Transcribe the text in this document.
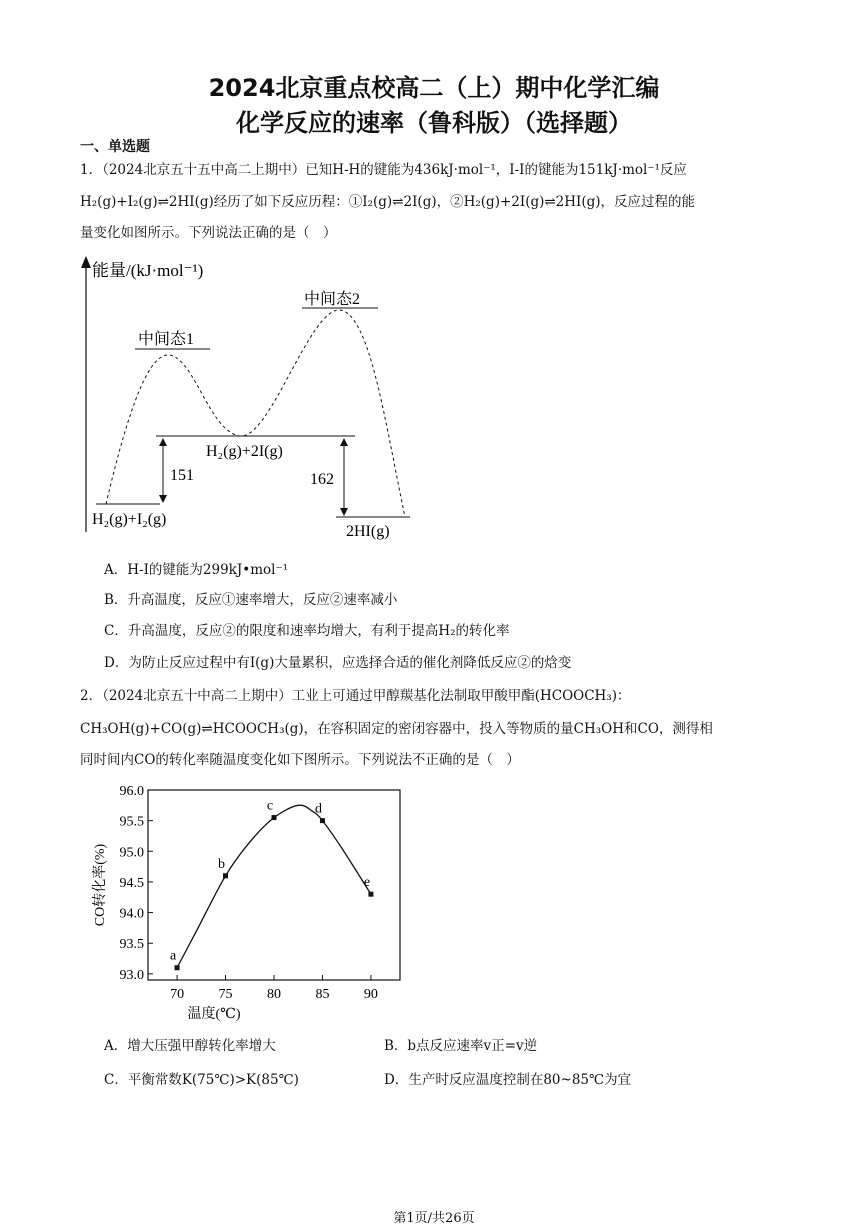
2024北京重点校高二（上）期中化学汇编
化学反应的速率（鲁科版）（选择题）
一、单选题
1．（2024北京五十五中高二上期中）已知H-H的键能为436kJ·mol⁻¹，I-I的键能为151kJ·mol⁻¹反应
H₂(g)+I₂(g)⇌2HI(g)经历了如下反应历程：①I₂(g)⇌2I(g)，②H₂(g)+2I(g)⇌2HI(g)，反应过程的能
量变化如图所示。下列说法正确的是（　）
能量/(kJ·mol⁻¹)
中间态1
中间态2
H₂(g)+2I(g)
H₂(g)+I₂(g)
2HI(g)
151	162
A．H-I的键能为299kJ•mol⁻¹
B．升高温度，反应①速率增大，反应②速率减小
C．升高温度，反应②的限度和速率均增大，有利于提高H₂的转化率
D．为防止反应过程中有I(g)大量累积，应选择合适的催化剂降低反应②的焓变
2．（2024北京五十中高二上期中）工业上可通过甲醇羰基化法制取甲酸甲酯(HCOOCH₃)：
CH₃OH(g)+CO(g)⇌HCOOCH₃(g)，在容积固定的密闭容器中，投入等物质的量CH₃OH和CO，测得相
同时间内CO的转化率随温度变化如下图所示。下列说法不正确的是（　）
70 75 80 85 90
93.0
93.5
94.0
94.5
95.0
95.5
96.0
温度(℃)
CO转化率(%)
a
b
c	d
e
A．增大压强甲醇转化率增大	B．b点反应速率v正=v逆
C．平衡常数K(75℃)>K(85℃)	D．生产时反应温度控制在80~85℃为宜
第1页/共26页
